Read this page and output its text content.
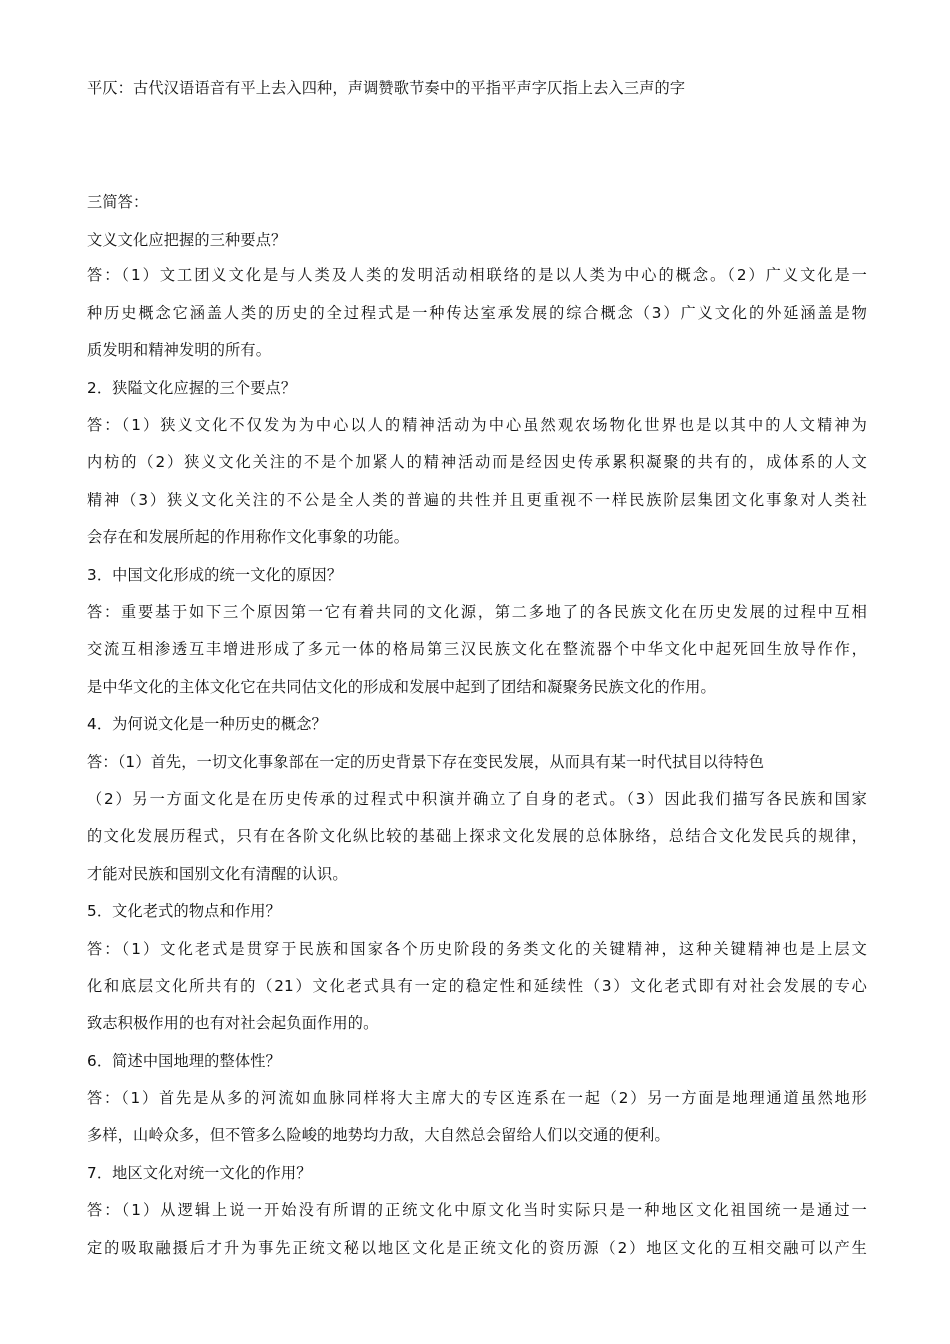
平仄：古代汉语语音有平上去入四种，声调赞歌节奏中的平指平声字仄指上去入三声的字
三简答：
文义文化应把握的三种要点？
答：（1）文工团义文化是与人类及人类的发明活动相联络的是以人类为中心的概念。（2）广义文化是一
种历史概念它涵盖人类的历史的全过程式是一种传达室承发展的综合概念（3）广义文化的外延涵盖是物
质发明和精神发明的所有。
2．狭隘文化应握的三个要点？
答：（1）狭义文化不仅发为为中心以人的精神活动为中心虽然观农场物化世界也是以其中的人文精神为
内枋的（2）狭义文化关注的不是个加紧人的精神活动而是经因史传承累积凝聚的共有的，成体系的人文
精神（3）狭义文化关注的不公是全人类的普遍的共性并且更重视不一样民族阶层集团文化事象对人类社
会存在和发展所起的作用称作文化事象的功能。
3．中国文化形成的统一文化的原因？
答：重要基于如下三个原因第一它有着共同的文化源，第二多地了的各民族文化在历史发展的过程中互相
交流互相渗透互丰增进形成了多元一体的格局第三汉民族文化在整流器个中华文化中起死回生放导作作，
是中华文化的主体文化它在共同估文化的形成和发展中起到了团结和凝聚务民族文化的作用。
4．为何说文化是一种历史的概念？
答：（1）首先，一切文化事象部在一定的历史背景下存在变民发展，从而具有某一时代拭目以待特色
（2）另一方面文化是在历史传承的过程式中积演并确立了自身的老式。（3）因此我们描写各民族和国家
的文化发展历程式，只有在各阶文化纵比较的基础上探求文化发展的总体脉络，总结合文化发民兵的规律，
才能对民族和国别文化有清醒的认识。
5．文化老式的物点和作用？
答：（1）文化老式是贯穿于民族和国家各个历史阶段的务类文化的关键精神，这种关键精神也是上层文
化和底层文化所共有的（21）文化老式具有一定的稳定性和延续性（3）文化老式即有对社会发展的专心
致志积极作用的也有对社会起负面作用的。
6．简述中国地理的整体性？
答：（1）首先是从多的河流如血脉同样将大主席大的专区连系在一起（2）另一方面是地理通道虽然地形
多样，山岭众多，但不管多么险峻的地势均力敌，大自然总会留给人们以交通的便利。
7．地区文化对统一文化的作用？
答：（1）从逻辑上说一开始没有所谓的正统文化中原文化当时实际只是一种地区文化祖国统一是通过一
定的吸取融摄后才升为事先正统文秘以地区文化是正统文化的资历源（2）地区文化的互相交融可以产生
